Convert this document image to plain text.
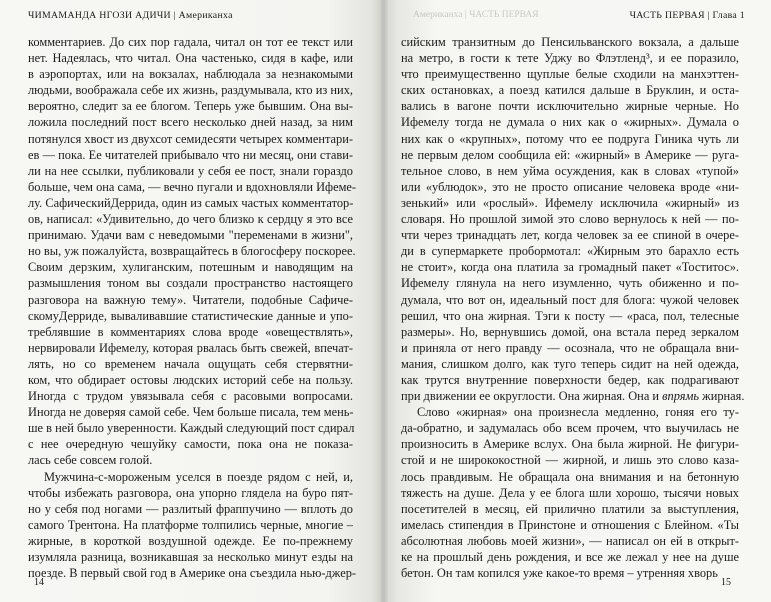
ЧИМАМАНДА НГОЗИ АДИЧИ | Американха
комментариев. До сих пор гадала, читал он тот ее текст или
нет. Надеялась, что читал. Она частенько, сидя в кафе, или
в аэропортах, или на вокзалах, наблюдала за незнакомыми
людьми, воображала себе их жизнь, раздумывала, кто из них,
вероятно, следит за ее блогом. Теперь уже бывшим. Она вы-
ложила последний пост всего несколько дней назад, за ним
потянулся хвост из двухсот семидесяти четырех комментари-
ев — пока. Ее читателей прибывало что ни месяц, они стави-
ли на нее ссылки, публиковали у себя ее пост, знали гораздо
больше, чем она сама, — вечно пугали и вдохновляли Ифеме-
лу. СафическийДеррида, один из самых частых комментатор-
ов, написал: «Удивительно, до чего близко к сердцу я это все
принимаю. Удачи вам с неведомыми "переменами в жизни",
но вы, уж пожалуйста, возвращайтесь в блогосферу поскорее.
Своим дерзким, хулиганским, потешным и наводящим на
размышления тоном вы создали пространство настоящего
разговора на важную тему». Читатели, подобные Сафиче-
скомуДерриде, вываливавшие статистические данные и упо-
треблявшие в комментариях слова вроде «овеществлять»,
нервировали Ифемелу, которая рвалась быть свежей, впечат-
лять, но со временем начала ощущать себя стервятни-
ком, что обдирает остовы людских историй себе на пользу.
Иногда с трудом увязывала себя с расовыми вопросами.
Иногда не доверяя самой себе. Чем больше писала, тем мень-
ше в ней было уверенности. Каждый следующий пост сдирал
с нее очередную чешуйку самости, пока она не показа-
лась себе совсем голой.
Мужчина-с-мороженым уселся в поезде рядом с ней, и,
чтобы избежать разговора, она упорно глядела на буро пят-
но у себя под ногами — разлитый фраппучино — вплоть до
самого Трентона. На платформе толпились черные, многие –
жирные, в короткой воздушной одежде. Ее по-прежнему
изумляла разница, возникавшая за несколько минут езды на
поезде. В первый свой год в Америке она съездила нью-джер-
14
Американха | ЧАСТЬ ПЕРВАЯ	ЧАСТЬ ПЕРВАЯ | Глава 1
сийским транзитным до Пенсильванского вокзала, а дальше
на метро, в гости к тете Уджу во Флэтленд³, и ее поразило,
что преимущественно щуплые белые сходили на манхэттен-
ских остановках, а поезд катился дальше в Бруклин, и оста-
вались в вагоне почти исключительно жирные черные. Но
Ифемелу тогда не думала о них как о «жирных». Думала о
них как о «крупных», потому что ее подруга Гиника чуть ли
не первым делом сообщила ей: «жирный» в Америке — руга-
тельное слово, в нем уйма осуждения, как в словах «тупой»
или «ублюдок», это не просто описание человека вроде «ни-
зенький» или «рослый». Ифемелу исключила «жирный» из
словаря. Но прошлой зимой это слово вернулось к ней — по-
чти через тринадцать лет, когда человек за ее спиной в очере-
ди в супермаркете пробормотал: «Жирным это барахло есть
не стоит», когда она платила за громадный пакет «Тоститос».
Ифемелу глянула на него изумленно, чуть обиженно и по-
думала, что вот он, идеальный пост для блога: чужой человек
решил, что она жирная. Тэги к посту — «раса, пол, телесные
размеры». Но, вернувшись домой, она встала перед зеркалом
и приняла от него правду — осознала, что не обращала вни-
мания, слишком долго, как туго теперь сидит на ней одежда,
как трутся внутренние поверхности бедер, как подрагивают
при движении ее округлости. Она жирная. Она и впрямь жирная.
Слово «жирная» она произнесла медленно, гоняя его ту-
да-обратно, и задумалась обо всем прочем, что выучилась не
произносить в Америке вслух. Она была жирной. Не фигури-
стой и не ширококостной — жирной, и лишь это слово каза-
лось правдивым. Не обращала она внимания и на бетонную
тяжесть на душе. Дела у ее блога шли хорошо, тысячи новых
посетителей в месяц, ей прилично платили за выступления,
имелась стипендия в Принстоне и отношения с Блейном. «Ты
абсолютная любовь моей жизни», — написал он ей в открыт-
ке на прошлый день рождения, и все же лежал у нее на душе
бетон. Он там копился уже какое-то время – утренняя хворь
15
